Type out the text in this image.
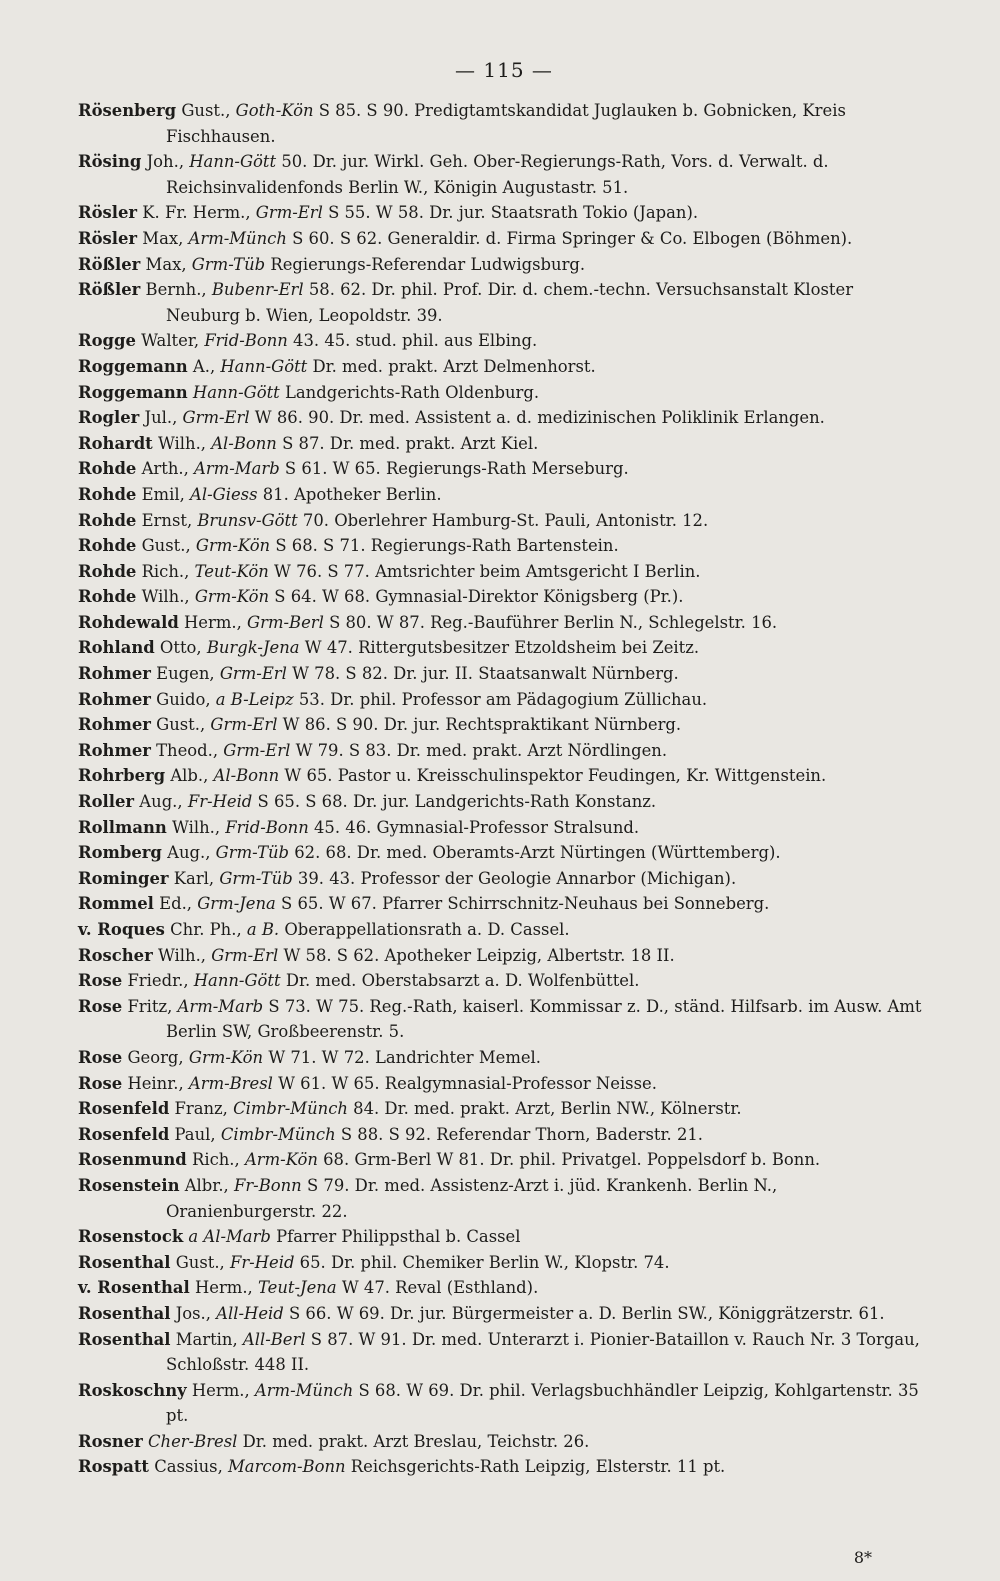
— 115 —
Rösenberg Gust., Goth-Kön S 85. S 90. Predigtamtskandidat Juglauken b. Gobnicken, Kreis Fischhausen.
Rösing Joh., Hann-Gött 50. Dr. jur. Wirkl. Geh. Ober-Regierungs-Rath, Vors. d. Verwalt. d. Reichsinvalidenfonds Berlin W., Königin Augustastr. 51.
Rösler K. Fr. Herm., Grm-Erl S 55. W 58. Dr. jur. Staatsrath Tokio (Japan).
Rösler Max, Arm-Münch S 60. S 62. Generaldir. d. Firma Springer & Co. Elbogen (Böhmen).
Rößler Max, Grm-Tüb Regierungs-Referendar Ludwigsburg.
Rößler Bernh., Bubenr-Erl 58. 62. Dr. phil. Prof. Dir. d. chem.-techn. Versuchsanstalt Kloster Neuburg b. Wien, Leopoldstr. 39.
Rogge Walter, Frid-Bonn 43. 45. stud. phil. aus Elbing.
Roggemann A., Hann-Gött Dr. med. prakt. Arzt Delmenhorst.
Roggemann Hann-Gött Landgerichts-Rath Oldenburg.
Rogler Jul., Grm-Erl W 86. 90. Dr. med. Assistent a. d. medizinischen Poliklinik Erlangen.
Rohardt Wilh., Al-Bonn S 87. Dr. med. prakt. Arzt Kiel.
Rohde Arth., Arm-Marb S 61. W 65. Regierungs-Rath Merseburg.
Rohde Emil, Al-Giess 81. Apotheker Berlin.
Rohde Ernst, Brunsv-Gött 70. Oberlehrer Hamburg-St. Pauli, Antonistr. 12.
Rohde Gust., Grm-Kön S 68. S 71. Regierungs-Rath Bartenstein.
Rohde Rich., Teut-Kön W 76. S 77. Amtsrichter beim Amtsgericht I Berlin.
Rohde Wilh., Grm-Kön S 64. W 68. Gymnasial-Direktor Königsberg (Pr.).
Rohdewald Herm., Grm-Berl S 80. W 87. Reg.-Bauführer Berlin N., Schlegelstr. 16.
Rohland Otto, Burgk-Jena W 47. Rittergutsbesitzer Etzoldsheim bei Zeitz.
Rohmer Eugen, Grm-Erl W 78. S 82. Dr. jur. II. Staatsanwalt Nürnberg.
Rohmer Guido, a B-Leipz 53. Dr. phil. Professor am Pädagogium Züllichau.
Rohmer Gust., Grm-Erl W 86. S 90. Dr. jur. Rechtspraktikant Nürnberg.
Rohmer Theod., Grm-Erl W 79. S 83. Dr. med. prakt. Arzt Nördlingen.
Rohrberg Alb., Al-Bonn W 65. Pastor u. Kreisschulinspektor Feudingen, Kr. Wittgenstein.
Roller Aug., Fr-Heid S 65. S 68. Dr. jur. Landgerichts-Rath Konstanz.
Rollmann Wilh., Frid-Bonn 45. 46. Gymnasial-Professor Stralsund.
Romberg Aug., Grm-Tüb 62. 68. Dr. med. Oberamts-Arzt Nürtingen (Württemberg).
Rominger Karl, Grm-Tüb 39. 43. Professor der Geologie Annarbor (Michigan).
Rommel Ed., Grm-Jena S 65. W 67. Pfarrer Schirrschnitz-Neuhaus bei Sonneberg.
v. Roques Chr. Ph., a B. Oberappellationsrath a. D. Cassel.
Roscher Wilh., Grm-Erl W 58. S 62. Apotheker Leipzig, Albertstr. 18 II.
Rose Friedr., Hann-Gött Dr. med. Oberstabsarzt a. D. Wolfenbüttel.
Rose Fritz, Arm-Marb S 73. W 75. Reg.-Rath, kaiserl. Kommissar z. D., ständ. Hilfsarb. im Ausw. Amt Berlin SW, Großbeerenstr. 5.
Rose Georg, Grm-Kön W 71. W 72. Landrichter Memel.
Rose Heinr., Arm-Bresl W 61. W 65. Realgymnasial-Professor Neisse.
Rosenfeld Franz, Cimbr-Münch 84. Dr. med. prakt. Arzt, Berlin NW., Kölnerstr.
Rosenfeld Paul, Cimbr-Münch S 88. S 92. Referendar Thorn, Baderstr. 21.
Rosenmund Rich., Arm-Kön 68. Grm-Berl W 81. Dr. phil. Privatgel. Poppelsdorf b. Bonn.
Rosenstein Albr., Fr-Bonn S 79. Dr. med. Assistenz-Arzt i. jüd. Krankenh. Berlin N., Oranienburgerstr. 22.
Rosenstock a Al-Marb Pfarrer Philippsthal b. Cassel
Rosenthal Gust., Fr-Heid 65. Dr. phil. Chemiker Berlin W., Klopstr. 74.
v. Rosenthal Herm., Teut-Jena W 47. Reval (Esthland).
Rosenthal Jos., All-Heid S 66. W 69. Dr. jur. Bürgermeister a. D. Berlin SW., Königgrätzerstr. 61.
Rosenthal Martin, All-Berl S 87. W 91. Dr. med. Unterarzt i. Pionier-Bataillon v. Rauch Nr. 3 Torgau, Schloßstr. 448 II.
Roskoschny Herm., Arm-Münch S 68. W 69. Dr. phil. Verlagsbuchhändler Leipzig, Kohlgartenstr. 35 pt.
Rosner Cher-Bresl Dr. med. prakt. Arzt Breslau, Teichstr. 26.
Rospatt Cassius, Marcom-Bonn Reichsgerichts-Rath Leipzig, Elsterstr. 11 pt.
8*
